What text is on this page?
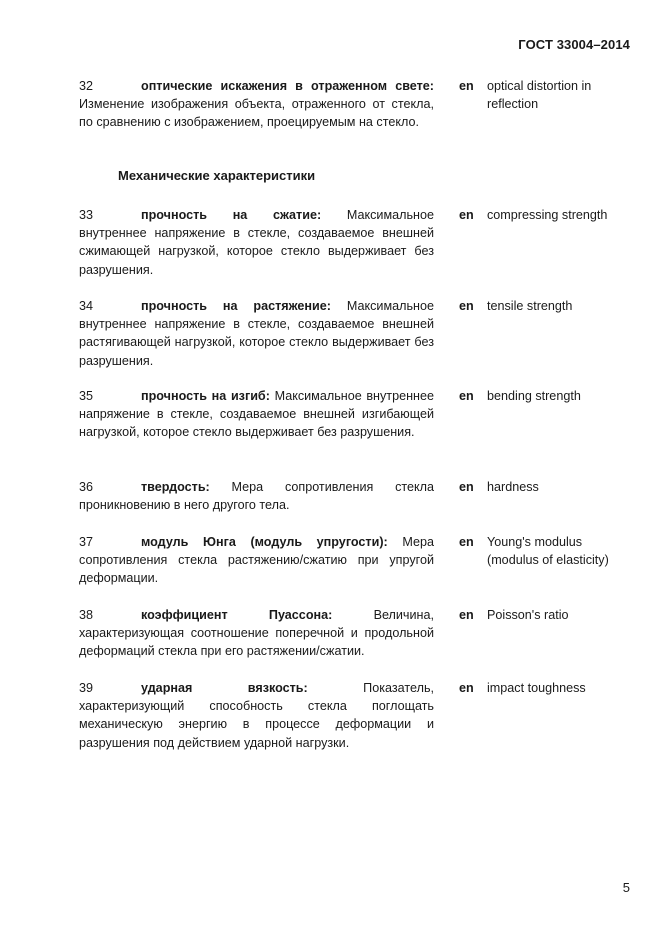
ГОСТ 33004–2014
32	оптические искажения в отраженном свете: Изменение изображения объекта, отраженного от стекла, по сравнению с изображением, проецируемым на стекло.
en optical distortion in reflection
Механические характеристики
33	прочность на сжатие: Максимальное внутреннее напряжение в стекле, создаваемое внешней сжимающей нагрузкой, которое стекло выдерживает без разрушения.
en compressing strength
34	прочность на растяжение: Максимальное внутреннее напряжение в стекле, создаваемое внешней растягивающей нагрузкой, которое стекло выдерживает без разрушения.
en tensile strength
35	прочность на изгиб: Максимальное внутреннее напряжение в стекле, создаваемое внешней изгибающей нагрузкой, которое стекло выдерживает без разрушения.
en bending strength
36	твердость: Мера сопротивления стекла проникновению в него другого тела.
en hardness
37	модуль Юнга (модуль упругости): Мера сопротивления стекла растяжению/сжатию при упругой деформации.
en Young's modulus (modulus of elasticity)
38	коэффициент Пуассона:	Величина, характеризующая соотношение поперечной и продольной деформаций стекла при его растяжении/сжатии.
en Poisson's ratio
39	ударная вязкость:	Показатель, характеризующий способность стекла поглощать механическую энергию в процессе деформации и разрушения под действием ударной нагрузки.
en impact toughness
5
